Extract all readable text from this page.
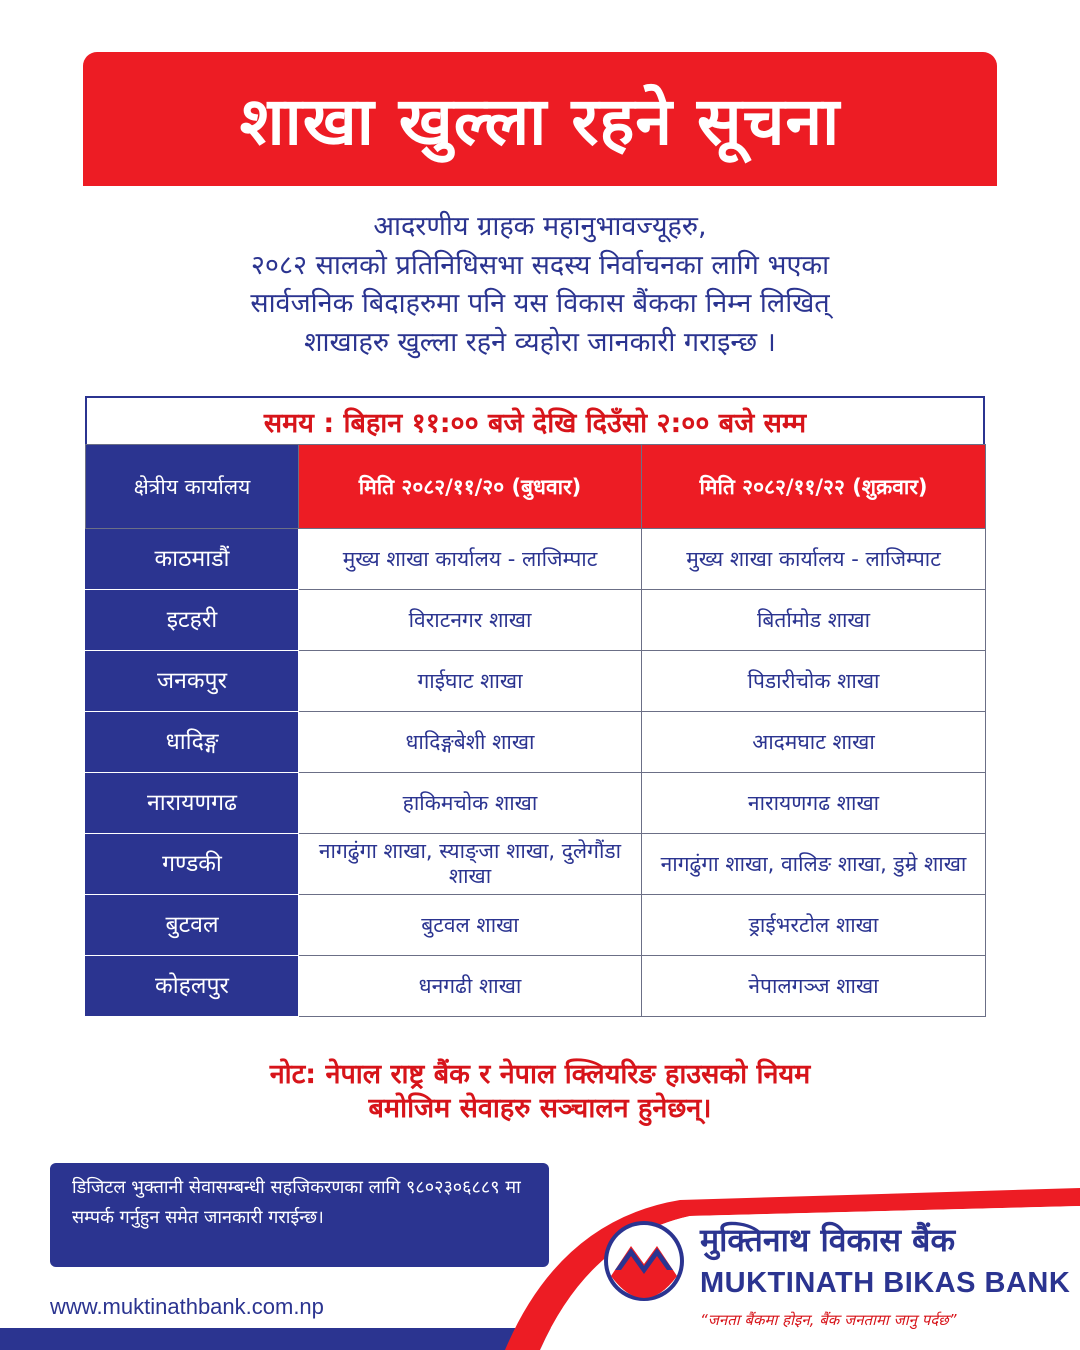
शाखा खुल्ला रहने सूचना
आदरणीय ग्राहक महानुभावज्यूहरु,
२०८२ सालको प्रतिनिधिसभा सदस्य निर्वाचनका लागि भएका
सार्वजनिक बिदाहरुमा पनि यस विकास बैंकका निम्न लिखित्
शाखाहरु खुल्ला रहने व्यहोरा जानकारी गराइन्छ ।
समय : बिहान ११:०० बजे देखि दिउँसो २:०० बजे सम्म
क्षेत्रीय कार्यालय	मिति २०८२/११/२० (बुधवार)	मिति २०८२/११/२२ (शुक्रवार)
काठमाडौं	मुख्य शाखा कार्यालय - लाजिम्पाट	मुख्य शाखा कार्यालय - लाजिम्पाट
इटहरी	विराटनगर शाखा	बिर्तामोड शाखा
जनकपुर	गाईघाट शाखा	पिडारीचोक शाखा
धादिङ्ग	धादिङ्गबेशी शाखा	आदमघाट शाखा
नारायणगढ	हाकिमचोक शाखा	नारायणगढ शाखा
गण्डकी	नागढुंगा शाखा, स्याङ्जा शाखा, दुलेगौंडा शाखा	नागढुंगा शाखा, वालिङ शाखा, डुम्रे शाखा
बुटवल	बुटवल शाखा	ड्राईभरटोल शाखा
कोहलपुर	धनगढी शाखा	नेपालगञ्ज शाखा
नोट: नेपाल राष्ट्र बैंक र नेपाल क्लियरिङ हाउसको नियम
बमोजिम सेवाहरु सञ्चालन हुनेछन्।
डिजिटल भुक्तानी सेवासम्बन्धी सहजिकरणका लागि ९८०२३०६८८९ मा सम्पर्क गर्नुहुन समेत जानकारी गराईन्छ।
www.muktinathbank.com.np
मुक्तिनाथ विकास बैंक
MUKTINATH BIKAS BANK
“जनता बैंकमा होइन, बैंक जनतामा जानु पर्दछ”
